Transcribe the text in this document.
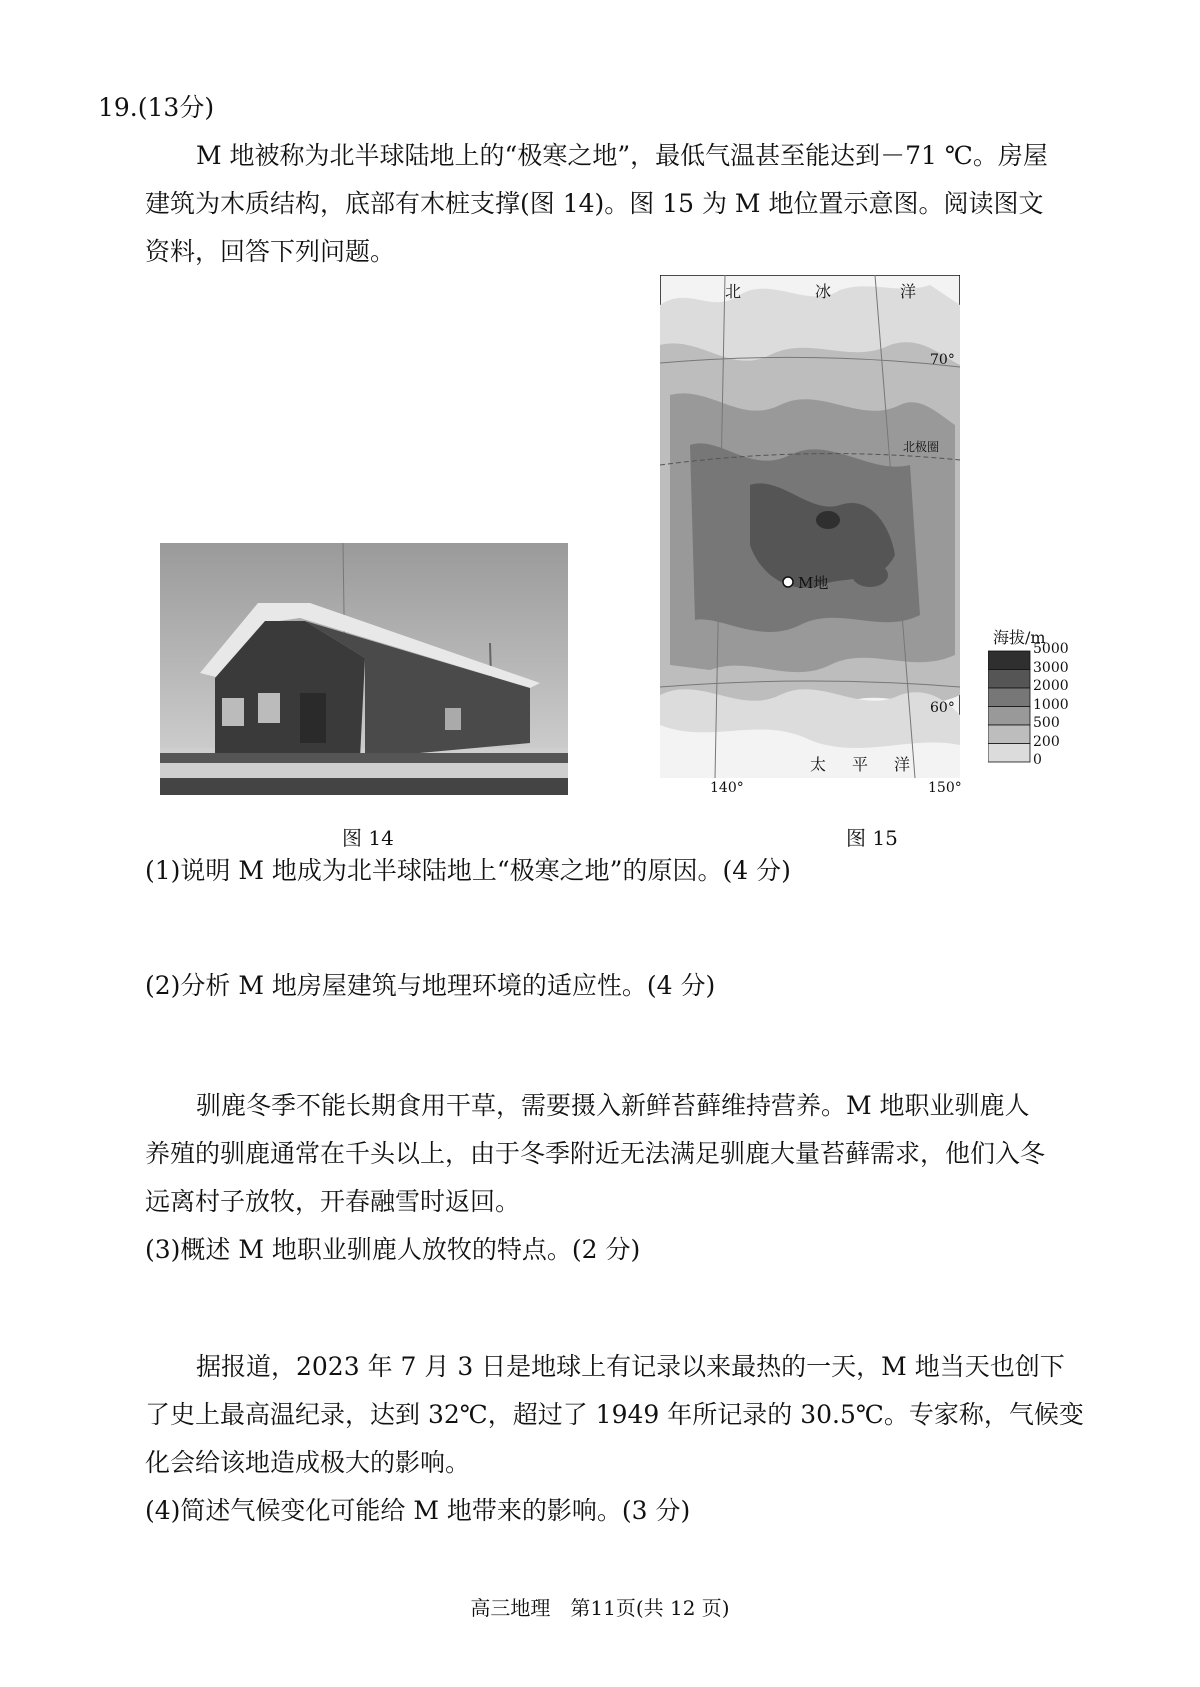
19.(13分)
M 地被称为北半球陆地上的“极寒之地”，最低气温甚至能达到－71 ℃。房屋
建筑为木质结构，底部有木桩支撑(图 14)。图 15 为 M 地位置示意图。阅读图文
资料，回答下列问题。
图 14
M地
北	冰	洋
太 平 洋
北极圈
70°
60°
140°	150°
海拔/m
5000
3000
2000
1000
500
200
0
图 15
(1)说明 M 地成为北半球陆地上“极寒之地”的原因。(4 分)
(2)分析 M 地房屋建筑与地理环境的适应性。(4 分)
驯鹿冬季不能长期食用干草，需要摄入新鲜苔藓维持营养。M 地职业驯鹿人
养殖的驯鹿通常在千头以上，由于冬季附近无法满足驯鹿大量苔藓需求，他们入冬
远离村子放牧，开春融雪时返回。
(3)概述 M 地职业驯鹿人放牧的特点。(2 分)
据报道，2023 年 7 月 3 日是地球上有记录以来最热的一天，M 地当天也创下
了史上最高温纪录，达到 32℃，超过了 1949 年所记录的 30.5℃。专家称，气候变
化会给该地造成极大的影响。
(4)简述气候变化可能给 M 地带来的影响。(3 分)
高三地理　第11页(共 12 页)
